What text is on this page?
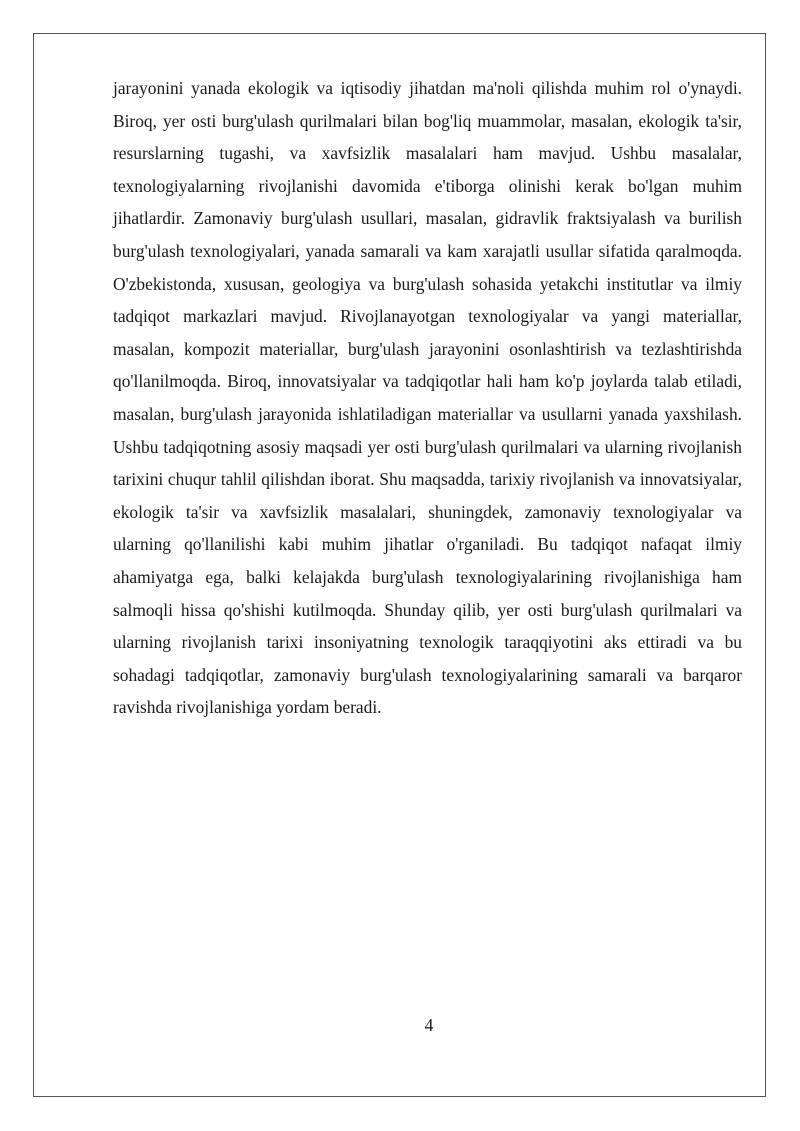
jarayonini yanada ekologik va iqtisodiy jihatdan ma'noli qilishda muhim rol o'ynaydi. Biroq, yer osti burg'ulash qurilmalari bilan bog'liq muammolar, masalan, ekologik ta'sir, resurslarning tugashi, va xavfsizlik masalalari ham mavjud. Ushbu masalalar, texnologiyalarning rivojlanishi davomida e'tiborga olinishi kerak bo'lgan muhim jihatlardir. Zamonaviy burg'ulash usullari, masalan, gidravlik fraktsiyalash va burilish burg'ulash texnologiyalari, yanada samarali va kam xarajatli usullar sifatida qaralmoqda. O'zbekistonda, xususan, geologiya va burg'ulash sohasida yetakchi institutlar va ilmiy tadqiqot markazlari mavjud. Rivojlanayotgan texnologiyalar va yangi materiallar, masalan, kompozit materiallar, burg'ulash jarayonini osonlashtirish va tezlashtirishda qo'llanilmoqda. Biroq, innovatsiyalar va tadqiqotlar hali ham ko'p joylarda talab etiladi, masalan, burg'ulash jarayonida ishlatiladigan materiallar va usullarni yanada yaxshilash. Ushbu tadqiqotning asosiy maqsadi yer osti burg'ulash qurilmalari va ularning rivojlanish tarixini chuqur tahlil qilishdan iborat. Shu maqsadda, tarixiy rivojlanish va innovatsiyalar, ekologik ta'sir va xavfsizlik masalalari, shuningdek, zamonaviy texnologiyalar va ularning qo'llanilishi kabi muhim jihatlar o'rganiladi. Bu tadqiqot nafaqat ilmiy ahamiyatga ega, balki kelajakda burg'ulash texnologiyalarining rivojlanishiga ham salmoqli hissa qo'shishi kutilmoqda. Shunday qilib, yer osti burg'ulash qurilmalari va ularning rivojlanish tarixi insoniyatning texnologik taraqqiyotini aks ettiradi va bu sohadagi tadqiqotlar, zamonaviy burg'ulash texnologiyalarining samarali va barqaror ravishda rivojlanishiga yordam beradi.

4
